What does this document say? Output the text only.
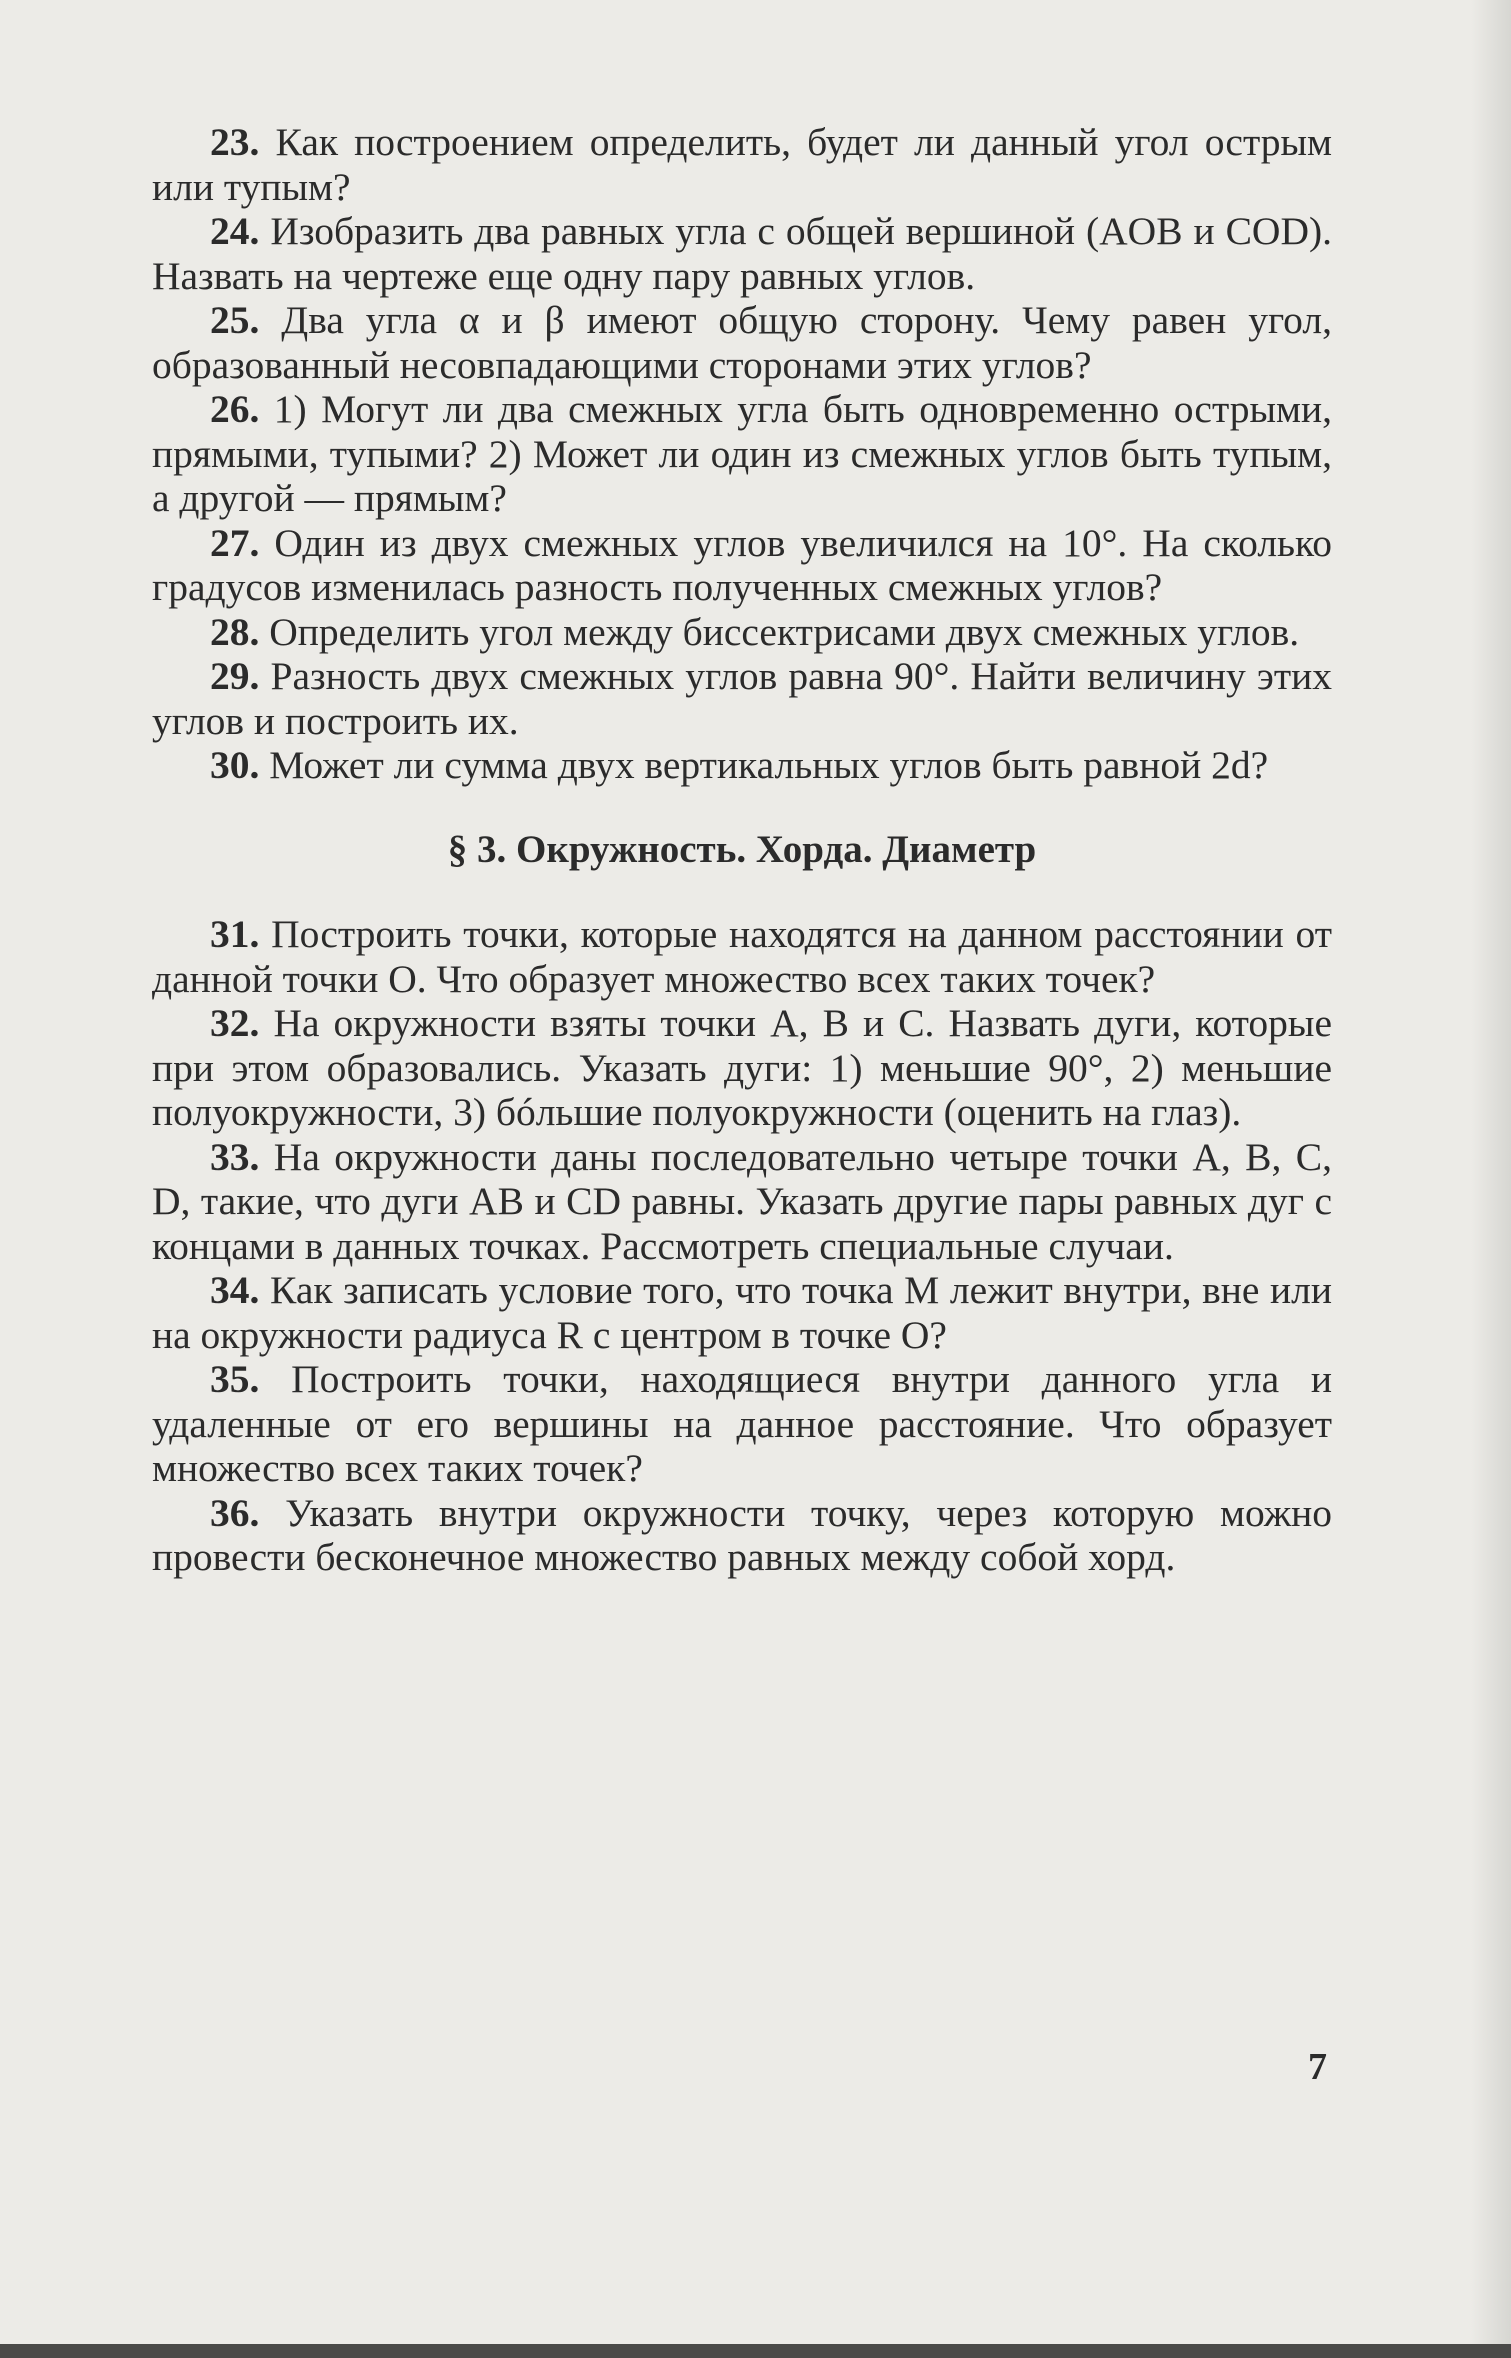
23. Как построением определить, будет ли данный угол острым или тупым?

24. Изобразить два равных угла с общей вершиной (AOB и COD). Назвать на чертеже еще одну пару равных углов.

25. Два угла α и β имеют общую сторону. Чему равен угол, образованный несовпадающими сторонами этих углов?

26. 1) Могут ли два смежных угла быть одновременно острыми, прямыми, тупыми? 2) Может ли один из смежных углов быть тупым, а другой — прямым?

27. Один из двух смежных углов увеличился на 10°. На сколько градусов изменилась разность полученных смежных углов?

28. Определить угол между биссектрисами двух смежных углов.

29. Разность двух смежных углов равна 90°. Найти величину этих углов и построить их.

30. Может ли сумма двух вертикальных углов быть равной 2d?

§ 3. Окружность. Хорда. Диаметр

31. Построить точки, которые находятся на данном расстоянии от данной точки O. Что образует множество всех таких точек?

32. На окружности взяты точки A, B и C. Назвать дуги, которые при этом образовались. Указать дуги: 1) меньшие 90°, 2) меньшие полуокружности, 3) бóльшие полуокружности (оценить на глаз).

33. На окружности даны последовательно четыре точки A, B, C, D, такие, что дуги AB и CD равны. Указать другие пары равных дуг с концами в данных точках. Рассмотреть специальные случаи.

34. Как записать условие того, что точка M лежит внутри, вне или на окружности радиуса R с центром в точке O?

35. Построить точки, находящиеся внутри данного угла и удаленные от его вершины на данное расстояние. Что образует множество всех таких точек?

36. Указать внутри окружности точку, через которую можно провести бесконечное множество равных между собой хорд.

7
